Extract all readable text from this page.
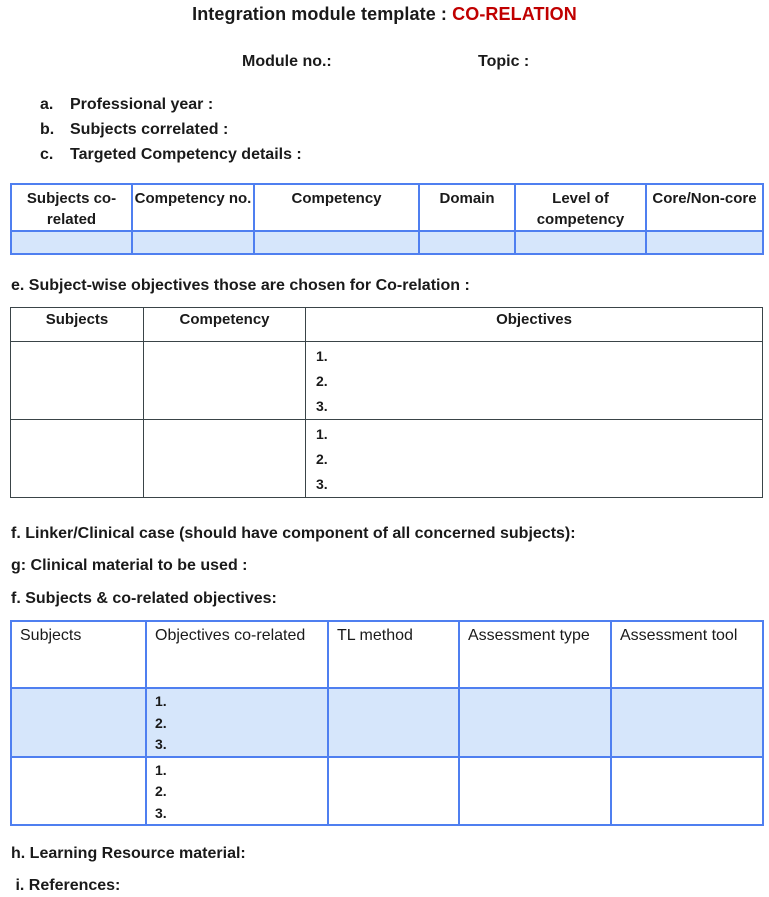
Integration module template : CO-RELATION
Module no.:	Topic :
a. Professional year :
b. Subjects correlated :
c. Targeted Competency details :
Subjects co-related	Competency no.	Competency	Domain	Level of competency	Core/Non-core

e. Subject-wise objectives those are chosen for Co-relation :
Subjects	Competency	Objectives

		1.
2.
3.

		1.
2.
3.
f. Linker/Clinical case (should have component of all concerned subjects):
g: Clinical material to be used :
f. Subjects & co-related objectives:
Subjects	Objectives co-related	TL method	Assessment type	Assessment tool

	1.
2.
3.			

	1.
2.
3.			

h. Learning Resource material:
i. References:
